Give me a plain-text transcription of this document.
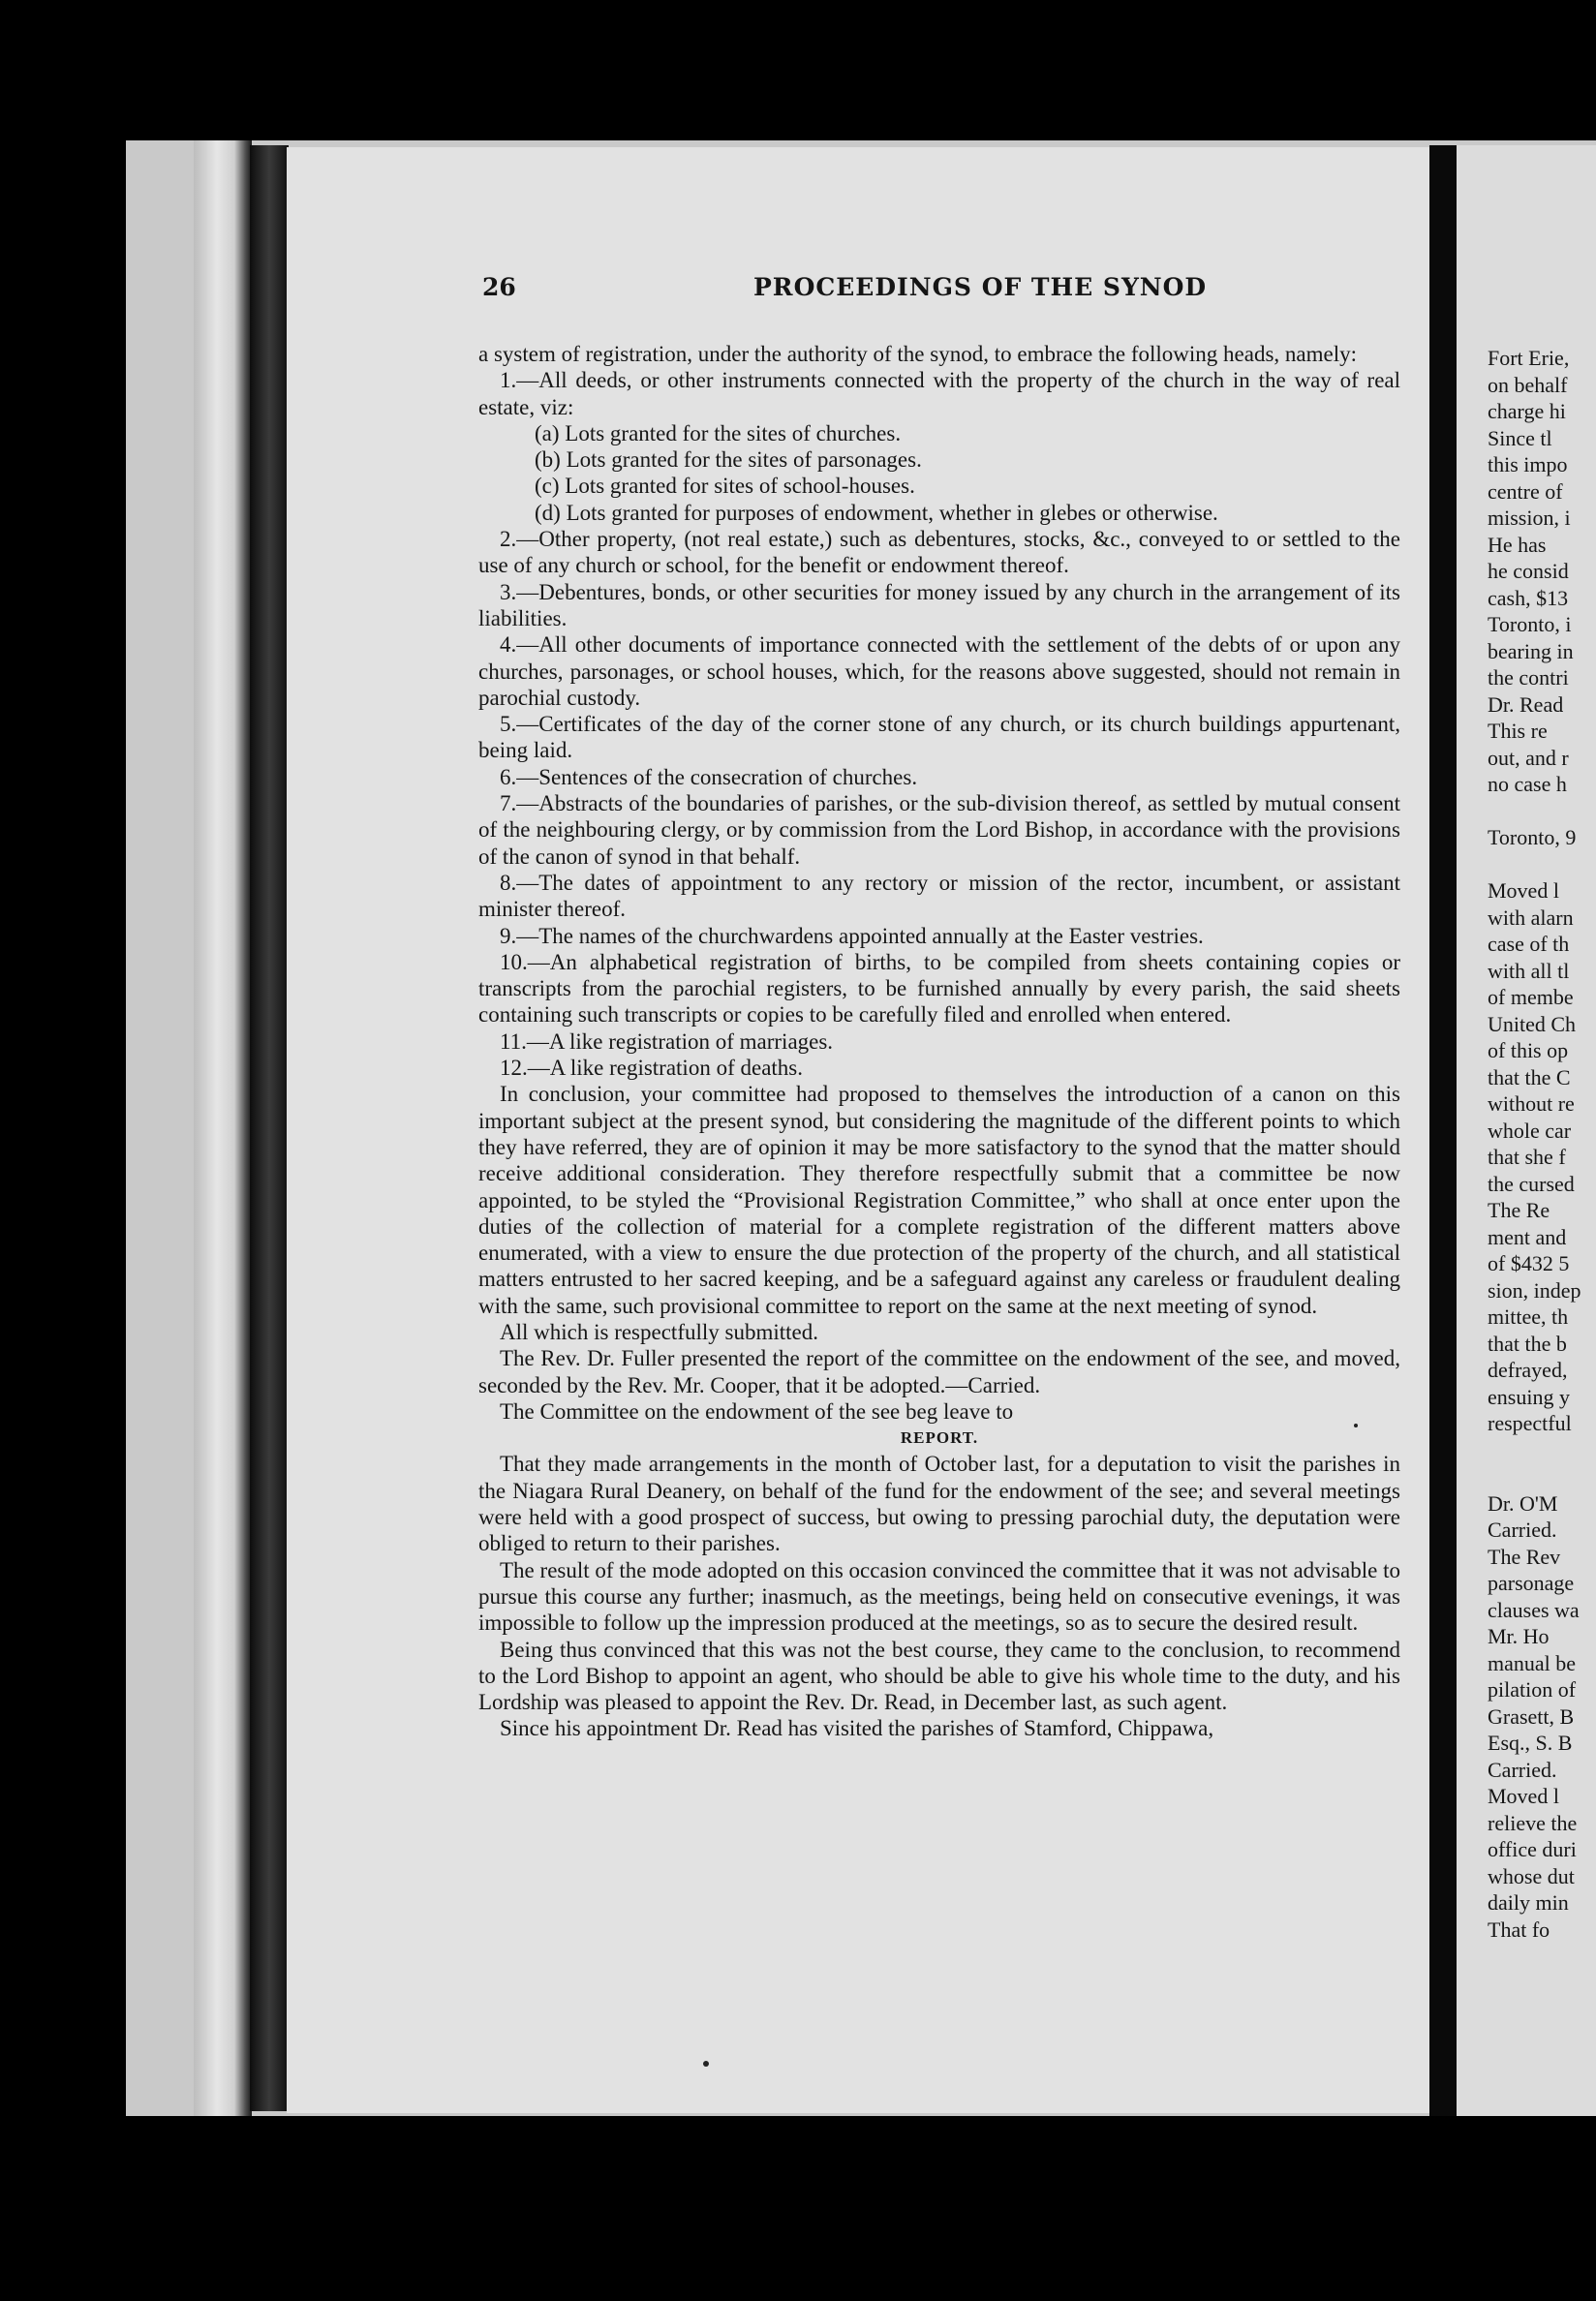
26	PROCEEDINGS OF THE SYNOD

a system of registration, under the authority of the synod, to embrace the following heads, namely:

1.—All deeds, or other instruments connected with the property of the church in the way of real estate, viz:

(a) Lots granted for the sites of churches.

(b) Lots granted for the sites of parsonages.

(c) Lots granted for sites of school-houses.

(d) Lots granted for purposes of endowment, whether in glebes or otherwise.

2.—Other property, (not real estate,) such as debentures, stocks, &c., conveyed to or settled to the use of any church or school, for the benefit or endowment thereof.

3.—Debentures, bonds, or other securities for money issued by any church in the arrangement of its liabilities.

4.—All other documents of importance connected with the settlement of the debts of or upon any churches, parsonages, or school houses, which, for the reasons above suggested, should not remain in parochial custody.

5.—Certificates of the day of the corner stone of any church, or its church buildings appurtenant, being laid.

6.—Sentences of the consecration of churches.

7.—Abstracts of the boundaries of parishes, or the sub-division thereof, as settled by mutual consent of the neighbouring clergy, or by commission from the Lord Bishop, in accordance with the provisions of the canon of synod in that behalf.

8.—The dates of appointment to any rectory or mission of the rector, incumbent, or assistant minister thereof.

9.—The names of the churchwardens appointed annually at the Easter vestries.

10.—An alphabetical registration of births, to be compiled from sheets containing copies or transcripts from the parochial registers, to be furnished annually by every parish, the said sheets containing such transcripts or copies to be carefully filed and enrolled when entered.

11.—A like registration of marriages.

12.—A like registration of deaths.

In conclusion, your committee had proposed to themselves the introduction of a canon on this important subject at the present synod, but considering the magnitude of the different points to which they have referred, they are of opinion it may be more satisfactory to the synod that the matter should receive additional consideration. They therefore respectfully submit that a committee be now appointed, to be styled the “Provisional Registration Committee,” who shall at once enter upon the duties of the collection of material for a complete registration of the different matters above enumerated, with a view to ensure the due protection of the property of the church, and all statistical matters entrusted to her sacred keeping, and be a safeguard against any careless or fraudulent dealing with the same, such provisional committee to report on the same at the next meeting of synod.

All which is respectfully submitted.

The Rev. Dr. Fuller presented the report of the committee on the endowment of the see, and moved, seconded by the Rev. Mr. Cooper, that it be adopted.—Carried.

The Committee on the endowment of the see beg leave to

REPORT.

That they made arrangements in the month of October last, for a deputation to visit the parishes in the Niagara Rural Deanery, on behalf of the fund for the endowment of the see; and several meetings were held with a good prospect of success, but owing to pressing parochial duty, the deputation were obliged to return to their parishes.

The result of the mode adopted on this occasion convinced the committee that it was not advisable to pursue this course any further; inasmuch, as the meetings, being held on consecutive evenings, it was impossible to follow up the impression produced at the meetings, so as to secure the desired result.

Being thus convinced that this was not the best course, they came to the conclusion, to recommend to the Lord Bishop to appoint an agent, who should be able to give his whole time to the duty, and his Lordship was pleased to appoint the Rev. Dr. Read, in December last, as such agent.

Since his appointment Dr. Read has visited the parishes of Stamford, Chippawa,

Fort Erie,
on behalf
charge hi
Since tl
this impo
centre of
mission, i
He has
he consid
cash, $13
Toronto, i
bearing in
the contri
Dr. Read
This re
out, and r
no case h
Toronto, 9
Moved l
with alarn
case of th
with all tl
of membe
United Ch
of this op
that the C
without re
whole car
that she f
the cursed
The Re
ment and
of $432 5
sion, indep
mittee, th
that the b
defrayed,
ensuing y
respectful
Dr. O'M
Carried.
The Rev
parsonage
clauses wa
Mr. Ho
manual be
pilation of
Grasett, B
Esq., S. B
Carried.
Moved l
relieve the
office duri
whose dut
daily min
That fo
